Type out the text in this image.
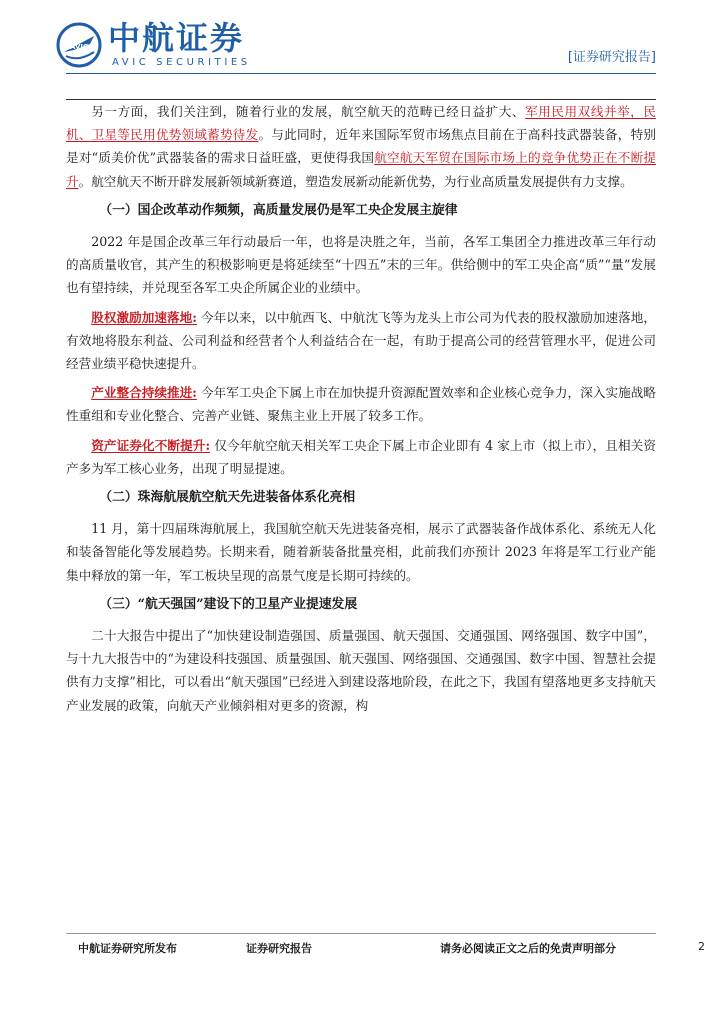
AVIC 中航证券
AVIC SECURITIES	[证券研究报告]

另一方面，我们关注到，随着行业的发展，航空航天的范畴已经日益扩大、军用民用双线并举，民机、卫星等民用优势领域蓄势待发。与此同时，近年来国际军贸市场焦点目前在于高科技武器装备，特别是对“质美价优”武器装备的需求日益旺盛，更使得我国航空航天军贸在国际市场上的竞争优势正在不断提升。航空航天不断开辟发展新领域新赛道，塑造发展新动能新优势，为行业高质量发展提供有力支撑。

（一）国企改革动作频频，高质量发展仍是军工央企发展主旋律

2022 年是国企改革三年行动最后一年，也将是决胜之年，当前，各军工集团全力推进改革三年行动的高质量收官，其产生的积极影响更是将延续至“十四五”末的三年。供给侧中的军工央企高“质”“量”发展也有望持续，并兑现至各军工央企所属企业的业绩中。

股权激励加速落地: 今年以来，以中航西飞、中航沈飞等为龙头上市公司为代表的股权激励加速落地，有效地将股东利益、公司利益和经营者个人利益结合在一起，有助于提高公司的经营管理水平，促进公司经营业绩平稳快速提升。

产业整合持续推进: 今年军工央企下属上市在加快提升资源配置效率和企业核心竞争力，深入实施战略性重组和专业化整合、完善产业链、聚焦主业上开展了较多工作。

资产证券化不断提升: 仅今年航空航天相关军工央企下属上市企业即有 4 家上市（拟上市），且相关资产多为军工核心业务，出现了明显提速。

（二）珠海航展航空航天先进装备体系化亮相

11 月，第十四届珠海航展上，我国航空航天先进装备亮相，展示了武器装备作战体系化、系统无人化和装备智能化等发展趋势。长期来看，随着新装备批量亮相，此前我们亦预计 2023 年将是军工行业产能集中释放的第一年，军工板块呈现的高景气度是长期可持续的。

（三）“航天强国”建设下的卫星产业提速发展

二十大报告中提出了“加快建设制造强国、质量强国、航天强国、交通强国、网络强国、数字中国”，与十九大报告中的“为建设科技强国、质量强国、航天强国、网络强国、交通强国、数字中国、智慧社会提供有力支撑”相比，可以看出“航天强国”已经进入到建设落地阶段，在此之下，我国有望落地更多支持航天产业发展的政策，向航天产业倾斜相对更多的资源，构

中航证券研究所发布	证券研究报告	请务必阅读正文之后的免责声明部分	2
